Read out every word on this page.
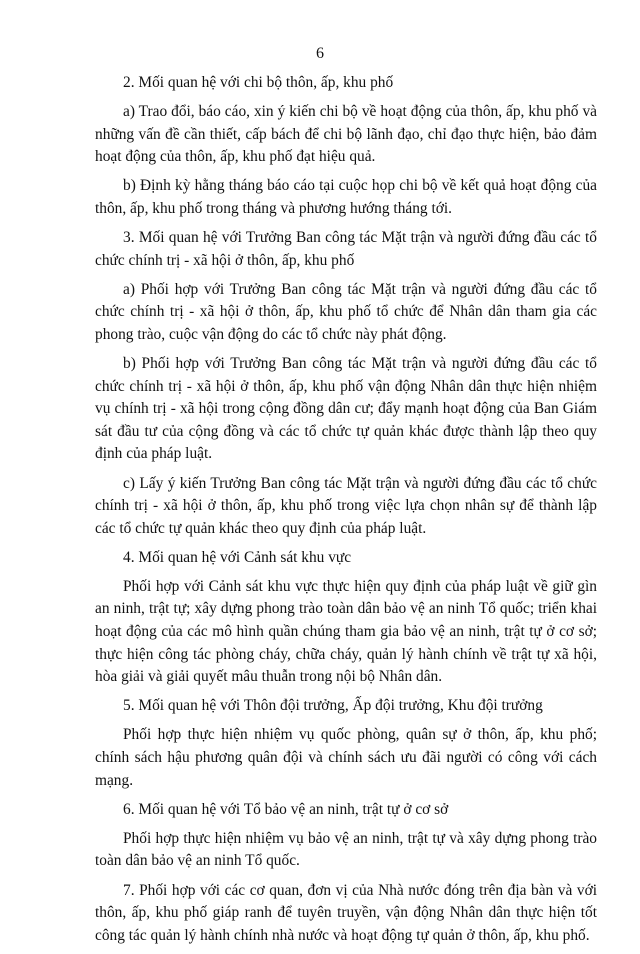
6

2. Mối quan hệ với chi bộ thôn, ấp, khu phố

a) Trao đổi, báo cáo, xin ý kiến chi bộ về hoạt động của thôn, ấp, khu phố và những vấn đề cần thiết, cấp bách để chi bộ lãnh đạo, chỉ đạo thực hiện, bảo đảm hoạt động của thôn, ấp, khu phố đạt hiệu quả.

b) Định kỳ hằng tháng báo cáo tại cuộc họp chi bộ về kết quả hoạt động của thôn, ấp, khu phố trong tháng và phương hướng tháng tới.

3. Mối quan hệ với Trưởng Ban công tác Mặt trận và người đứng đầu các tổ chức chính trị - xã hội ở thôn, ấp, khu phố

a) Phối hợp với Trưởng Ban công tác Mặt trận và người đứng đầu các tổ chức chính trị - xã hội ở thôn, ấp, khu phố tổ chức để Nhân dân tham gia các phong trào, cuộc vận động do các tổ chức này phát động.

b) Phối hợp với Trưởng Ban công tác Mặt trận và người đứng đầu các tổ chức chính trị - xã hội ở thôn, ấp, khu phố vận động Nhân dân thực hiện nhiệm vụ chính trị - xã hội trong cộng đồng dân cư; đẩy mạnh hoạt động của Ban Giám sát đầu tư của cộng đồng và các tổ chức tự quản khác được thành lập theo quy định của pháp luật.

c) Lấy ý kiến Trưởng Ban công tác Mặt trận và người đứng đầu các tổ chức chính trị - xã hội ở thôn, ấp, khu phố trong việc lựa chọn nhân sự để thành lập các tổ chức tự quản khác theo quy định của pháp luật.

4. Mối quan hệ với Cảnh sát khu vực

Phối hợp với Cảnh sát khu vực thực hiện quy định của pháp luật về giữ gìn an ninh, trật tự; xây dựng phong trào toàn dân bảo vệ an ninh Tổ quốc; triển khai hoạt động của các mô hình quần chúng tham gia bảo vệ an ninh, trật tự ở cơ sở; thực hiện công tác phòng cháy, chữa cháy, quản lý hành chính về trật tự xã hội, hòa giải và giải quyết mâu thuẫn trong nội bộ Nhân dân.

5. Mối quan hệ với Thôn đội trưởng, Ấp đội trưởng, Khu đội trưởng

Phối hợp thực hiện nhiệm vụ quốc phòng, quân sự ở thôn, ấp, khu phố; chính sách hậu phương quân đội và chính sách ưu đãi người có công với cách mạng.

6. Mối quan hệ với Tổ bảo vệ an ninh, trật tự ở cơ sở

Phối hợp thực hiện nhiệm vụ bảo vệ an ninh, trật tự và xây dựng phong trào toàn dân bảo vệ an ninh Tổ quốc.

7. Phối hợp với các cơ quan, đơn vị của Nhà nước đóng trên địa bàn và với thôn, ấp, khu phố giáp ranh để tuyên truyền, vận động Nhân dân thực hiện tốt công tác quản lý hành chính nhà nước và hoạt động tự quản ở thôn, ấp, khu phố.
